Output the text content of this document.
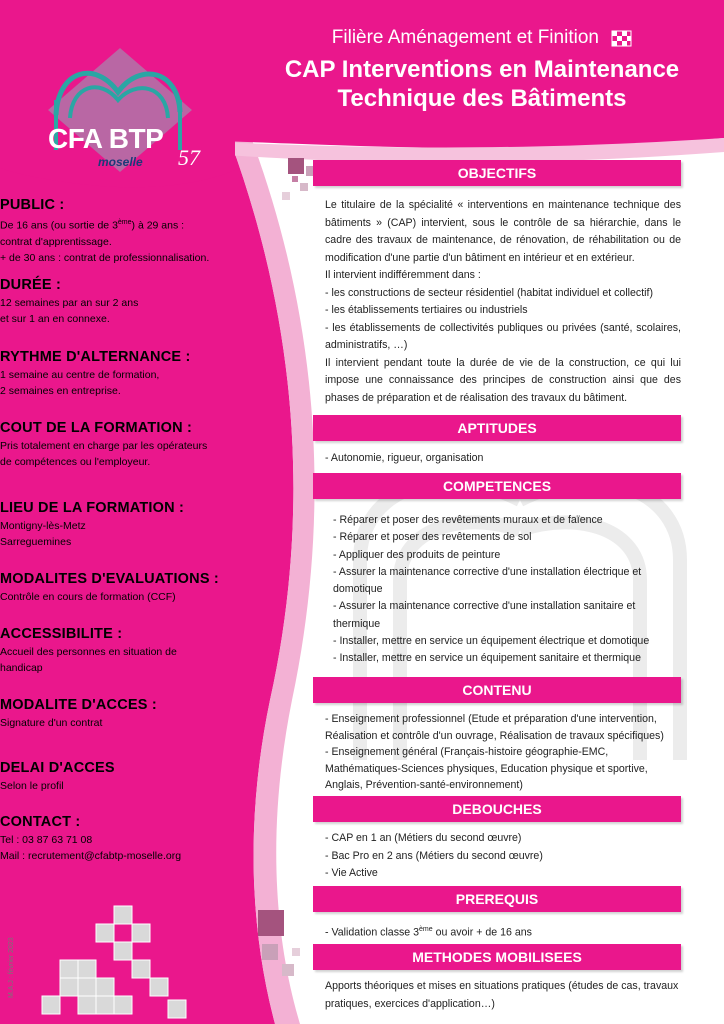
CFA BTP
moselle 57
Filière Aménagement et Finition
CAP Interventions en Maintenance
Technique des Bâtiments
PUBLIC :
De 16 ans (ou sortie de 3ème) à 29 ans :
contrat d'apprentissage.
+ de 30 ans : contrat de professionnalisation.
DURÉE :
12 semaines par an sur 2 ans
et sur 1 an en connexe.
RYTHME D'ALTERNANCE :
1 semaine au centre de formation,
2 semaines en entreprise.
COUT DE LA FORMATION :
Pris totalement en charge par les opérateurs
de compétences ou l'employeur.
LIEU DE LA FORMATION :
Montigny-lès-Metz
Sarreguemines
MODALITES D'EVALUATIONS :
Contrôle en cours de formation (CCF)
ACCESSIBILITE :
Accueil des personnes en situation de
handicap
MODALITE D'ACCES :
Signature d'un contrat
DELAI D'ACCES
Selon le profil
CONTACT :
Tel : 03 87 63 71 08
Mail : recrutement@cfabtp-moselle.org
M.A.J : février 2023
OBJECTIFS
Le titulaire de la spécialité « interventions en maintenance technique des bâtiments » (CAP) intervient, sous le contrôle de sa hiérarchie, dans le cadre des travaux de maintenance, de rénovation, de réhabilitation ou de modification d'une partie d'un bâtiment en intérieur et en extérieur.
Il intervient indifféremment dans :
- les constructions de secteur résidentiel (habitat individuel et collectif)
- les établissements tertiaires ou industriels
- les établissements de collectivités publiques ou privées (santé, scolaires, administratifs, …)
Il intervient pendant toute la durée de vie de la construction, ce qui lui impose une connaissance des principes de construction ainsi que des phases de préparation et de réalisation des travaux du bâtiment.
APTITUDES
- Autonomie, rigueur, organisation
COMPETENCES
- Réparer et poser des revêtements muraux et de faïence
- Réparer et poser des revêtements de sol
- Appliquer des produits de peinture
- Assurer la maintenance corrective d'une installation électrique et domotique
- Assurer la maintenance corrective d'une installation sanitaire et thermique
- Installer, mettre en service un équipement électrique et domotique
- Installer, mettre en service un équipement sanitaire et thermique
CONTENU
- Enseignement professionnel (Etude et préparation d'une intervention, Réalisation et contrôle d'un ouvrage, Réalisation de travaux spécifiques)
- Enseignement général (Français-histoire géographie-EMC, Mathématiques-Sciences physiques, Education physique et sportive, Anglais, Prévention-santé-environnement)
DEBOUCHES
- CAP en 1 an (Métiers du second œuvre)
- Bac Pro en 2 ans (Métiers du second œuvre)
- Vie Active
PREREQUIS
- Validation classe 3ème ou avoir + de 16 ans
METHODES MOBILISEES
Apports théoriques et mises en situations pratiques (études de cas, travaux pratiques, exercices d'application…)
